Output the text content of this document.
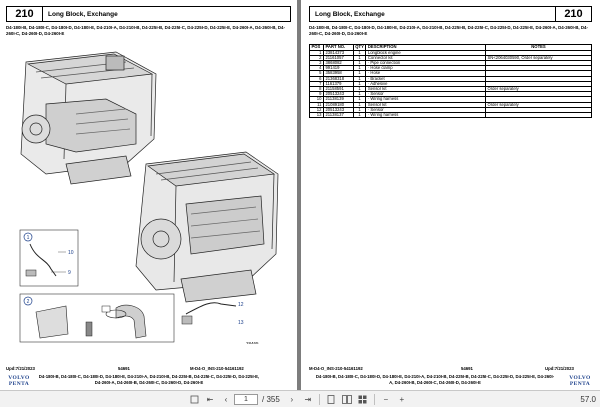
210	Long Block, Exchange
D4-180I-B, D4-180I-C, D4-180I-D, D4-180I-E, D4-210I-A, D4-210I-B, D4-225I-B, D4-225I-C, D4-225I-D, D4-225I-E, D4-260I-A, D4-260I-B, D4-260I-C, D4-260I-D, D4-260I-E
1
10
9
2	12
13
28465
Upd:7/21/2023	54691	M-D4-O_INS-210-54161192
D4-180I-B, D4-180I-C, D4-180I-D, D4-180I-E, D4-210I-A, D4-210I-B, D4-225I-B, D4-225I-C, D4-225I-D, D4-225I-E, D4-260I-A, D4-260I-B, D4-260I-C, D4-260I-D, D4-260I-E
VOLVO
PENTA
Long Block, Exchange	210
D4-180I-B, D4-180I-C, D4-180I-D, D4-180I-E, D4-210I-A, D4-210I-B, D4-225I-B, D4-225I-C, D4-225I-D, D4-225I-E, D4-260I-A, D4-260I-B, D4-260I-C, D4-260I-D, D4-260I-E
POS	PART NO.	QTY	DESCRIPTION	NOTES
1	23814373	1	Longblock engine	
2	21161057	1	Connector kit	SN<2064030590, Order separately
3	3868082	1	· Pipe connection	
4	991419	1	· Hose clamp	
5	3583958	1	· Hose	
6	21368318	1	· Bracket	
7	1161379	1	· Adhesive	
8	21158591	1	Sensor kit	Order separately
9	20513243	1	· Sensor	
10	21138139	1	· Wiring harness	
11	21089180	1	Sensor kit	Order separately
12	20513243	1	· Sensor	
13	21138137	1	· Wiring harness	
M-D4-O_INS-210-54161192	54691	Upd:7/21/2023
D4-180I-B, D4-180I-C, D4-180I-D, D4-180I-E, D4-210I-A, D4-210I-B, D4-225I-B, D4-225I-C, D4-225I-D, D4-225I-E, D4-260I-A, D4-260I-B, D4-260I-C, D4-260I-D, D4-260I-E
VOLVO
PENTA
⇤	‹	1	/ 355	›	⇥	−	+	57.0
